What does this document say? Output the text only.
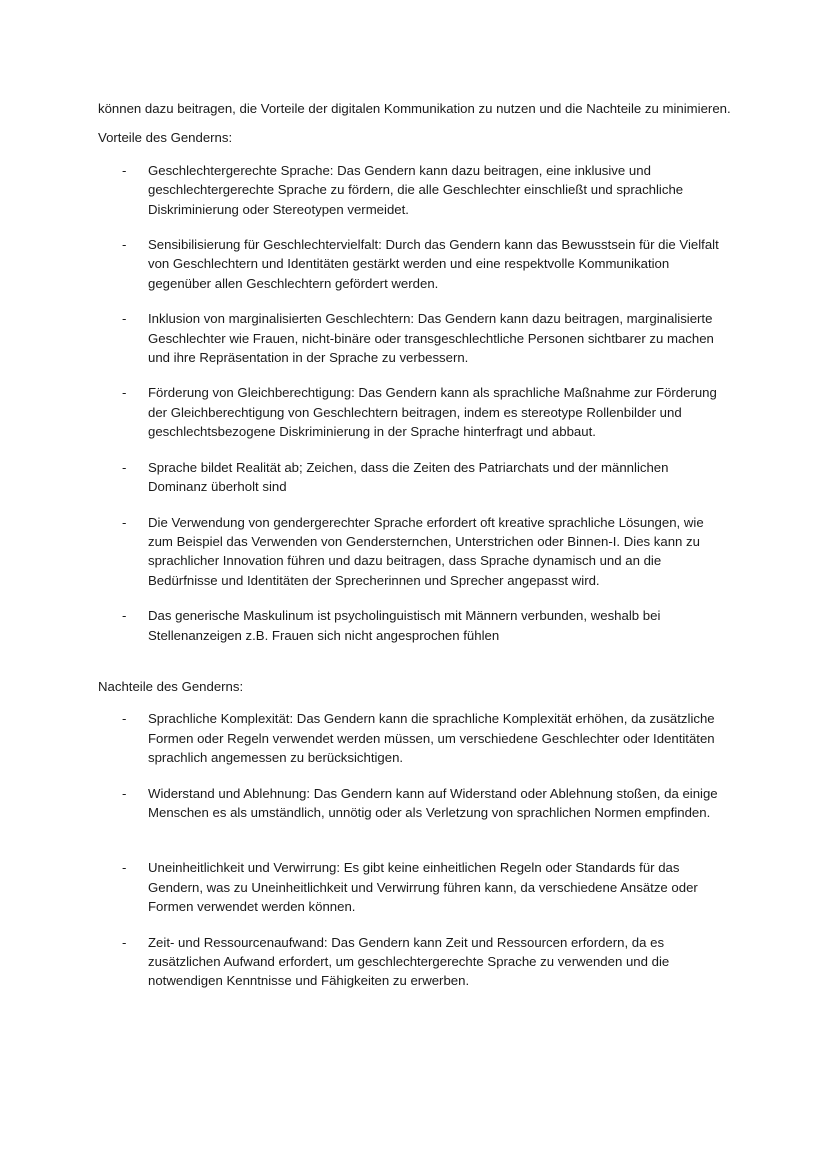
können dazu beitragen, die Vorteile der digitalen Kommunikation zu nutzen und die Nachteile zu minimieren.

Vorteile des Genderns:

- Geschlechtergerechte Sprache: Das Gendern kann dazu beitragen, eine inklusive und geschlechtergerechte Sprache zu fördern, die alle Geschlechter einschließt und sprachliche Diskriminierung oder Stereotypen vermeidet.
- Sensibilisierung für Geschlechtervielfalt: Durch das Gendern kann das Bewusstsein für die Vielfalt von Geschlechtern und Identitäten gestärkt werden und eine respektvolle Kommunikation gegenüber allen Geschlechtern gefördert werden.
- Inklusion von marginalisierten Geschlechtern: Das Gendern kann dazu beitragen, marginalisierte Geschlechter wie Frauen, nicht-binäre oder transgeschlechtliche Personen sichtbarer zu machen und ihre Repräsentation in der Sprache zu verbessern.
- Förderung von Gleichberechtigung: Das Gendern kann als sprachliche Maßnahme zur Förderung der Gleichberechtigung von Geschlechtern beitragen, indem es stereotype Rollenbilder und geschlechtsbezogene Diskriminierung in der Sprache hinterfragt und abbaut.
- Sprache bildet Realität ab; Zeichen, dass die Zeiten des Patriarchats und der männlichen Dominanz überholt sind
- Die Verwendung von gendergerechter Sprache erfordert oft kreative sprachliche Lösungen, wie zum Beispiel das Verwenden von Gendersternchen, Unterstrichen oder Binnen-I. Dies kann zu sprachlicher Innovation führen und dazu beitragen, dass Sprache dynamisch und an die Bedürfnisse und Identitäten der Sprecherinnen und Sprecher angepasst wird.
- Das generische Maskulinum ist psycholinguistisch mit Männern verbunden, weshalb bei Stellenanzeigen z.B. Frauen sich nicht angesprochen fühlen

Nachteile des Genderns:

- Sprachliche Komplexität: Das Gendern kann die sprachliche Komplexität erhöhen, da zusätzliche Formen oder Regeln verwendet werden müssen, um verschiedene Geschlechter oder Identitäten sprachlich angemessen zu berücksichtigen.
- Widerstand und Ablehnung: Das Gendern kann auf Widerstand oder Ablehnung stoßen, da einige Menschen es als umständlich, unnötig oder als Verletzung von sprachlichen Normen empfinden.
- Uneinheitlichkeit und Verwirrung: Es gibt keine einheitlichen Regeln oder Standards für das Gendern, was zu Uneinheitlichkeit und Verwirrung führen kann, da verschiedene Ansätze oder Formen verwendet werden können.
- Zeit- und Ressourcenaufwand: Das Gendern kann Zeit und Ressourcen erfordern, da es zusätzlichen Aufwand erfordert, um geschlechtergerechte Sprache zu verwenden und die notwendigen Kenntnisse und Fähigkeiten zu erwerben.
